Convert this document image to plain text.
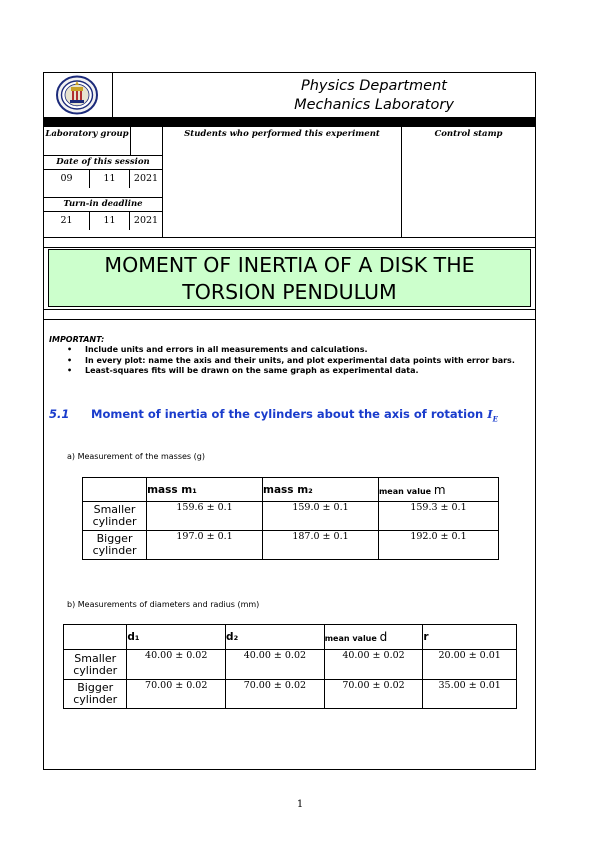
Physics Department
Mechanics Laboratory
Laboratory group
Date of this session
09	11	2021
Turn-in deadline
21	11	2021
Students who performed this experiment	Control stamp
MOMENT OF INERTIA OF A DISK THE
TORSION PENDULUM
IMPORTANT:
• Include units and errors in all measurements and calculations.
• In every plot: name the axis and their units, and plot experimental data points with error bars.
• Least-squares fits will be drawn on the same graph as experimental data.
5.1 Moment of inertia of the cylinders about the axis of rotation $I_E$
a) Measurement of the masses (g)
	mass m₁	mass m₂	mean value m
Smaller cylinder	159.6 ± 0.1	159.0 ± 0.1	159.3 ± 0.1
Bigger cylinder	197.0 ± 0.1	187.0 ± 0.1	192.0 ± 0.1
b) Measurements of diameters and radius (mm)
	d₁	d₂	mean value d	r
Smaller cylinder	40.00 ± 0.02	40.00 ± 0.02	40.00 ± 0.02	20.00 ± 0.01
Bigger cylinder	70.00 ± 0.02	70.00 ± 0.02	70.00 ± 0.02	35.00 ± 0.01
1
